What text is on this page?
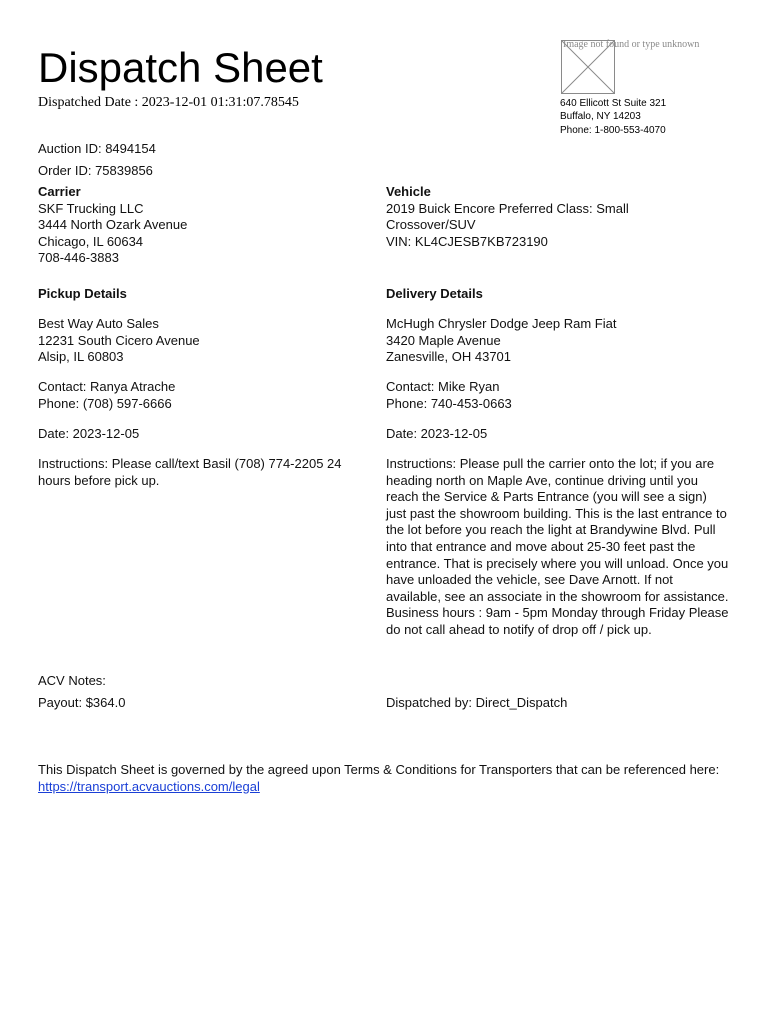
Dispatch Sheet
Dispatched Date : 2023-12-01 01:31:07.78545
Image not found or type unknown

640 Ellicott St Suite 321

Buffalo, NY 14203

Phone: 1-800-553-4070

Auction ID: 8494154
Order ID: 75839856

Carrier

SKF Trucking LLC

3444 North Ozark Avenue

Chicago, IL 60634

708-446-3883

Vehicle

2019 Buick Encore Preferred Class: Small Crossover/SUV

VIN: KL4CJESB7KB723190

Pickup Details

Best Way Auto Sales

12231 South Cicero Avenue

Alsip, IL 60803

Contact: Ranya Atrache

Phone: (708) 597-6666

Date: 2023-12-05
Instructions: Please call/text Basil (708) 774-2205 24 hours before pick up.
Delivery Details

McHugh Chrysler Dodge Jeep Ram Fiat

3420 Maple Avenue

Zanesville, OH 43701

Contact: Mike Ryan

Phone: 740-453-0663

Date: 2023-12-05
Instructions: Please pull the carrier onto the lot; if you are heading north on Maple Ave, continue driving until you reach the Service & Parts Entrance (you will see a sign) just past the showroom building. This is the last entrance to the lot before you reach the light at Brandywine Blvd. Pull into that entrance and move about 25-30 feet past the entrance. That is precisely where you will unload. Once you have unloaded the vehicle, see Dave Arnott. If not available, see an associate in the showroom for assistance. Business hours : 9am - 5pm Monday through Friday Please do not call ahead to notify of drop off / pick up.
ACV Notes:
Payout: $364.0	Dispatched by: Direct_Dispatch
This Dispatch Sheet is governed by the agreed upon Terms & Conditions for Transporters that can be referenced here: https://transport.acvauctions.com/legal
